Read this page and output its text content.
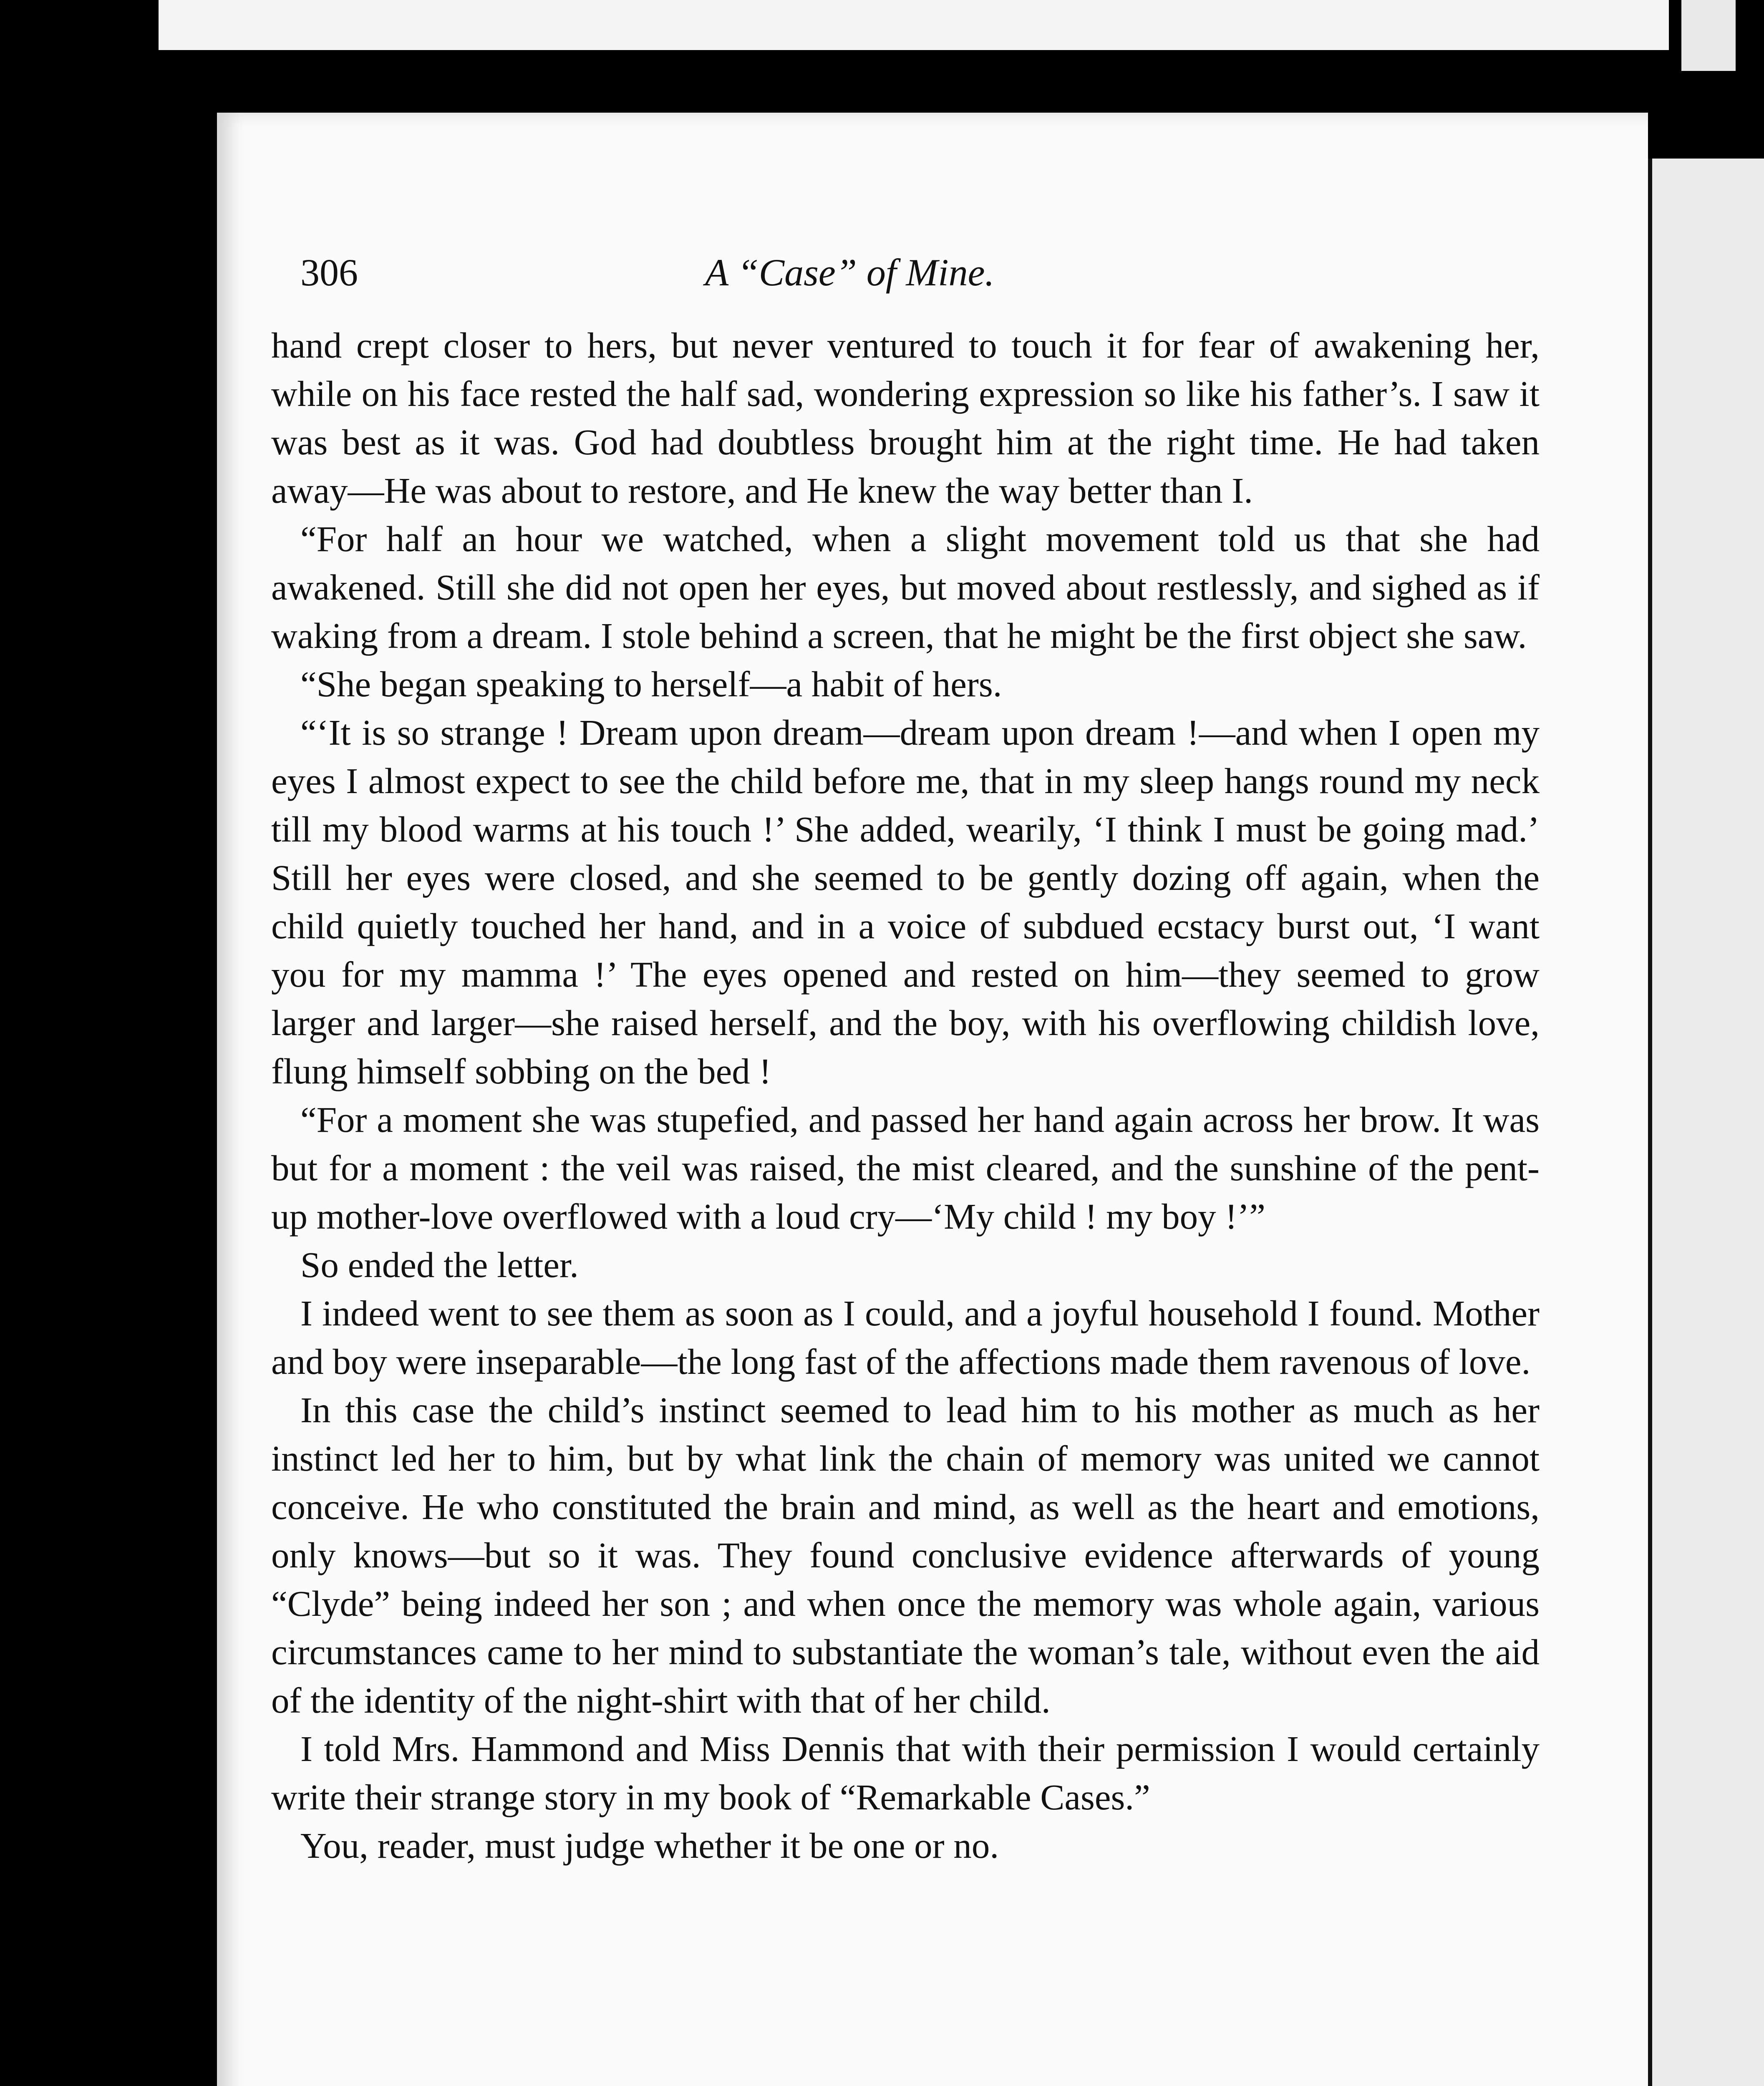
306	A “Case” of Mine.

hand crept closer to hers, but never ventured to touch it for fear of awakening her, while on his face rested the half sad, wondering expression so like his father’s. I saw it was best as it was. God had doubtless brought him at the right time. He had taken away—He was about to restore, and He knew the way better than I.

“For half an hour we watched, when a slight movement told us that she had awakened. Still she did not open her eyes, but moved about restlessly, and sighed as if waking from a dream. I stole behind a screen, that he might be the first object she saw.

“She began speaking to herself—a habit of hers.

“‘It is so strange ! Dream upon dream—dream upon dream !—and when I open my eyes I almost expect to see the child before me, that in my sleep hangs round my neck till my blood warms at his touch !’ She added, wearily, ‘I think I must be going mad.’ Still her eyes were closed, and she seemed to be gently dozing off again, when the child quietly touched her hand, and in a voice of subdued ecstacy burst out, ‘I want you for my mamma !’ The eyes opened and rested on him—they seemed to grow larger and larger—she raised herself, and the boy, with his overflowing childish love, flung himself sobbing on the bed !

“For a moment she was stupefied, and passed her hand again across her brow. It was but for a moment : the veil was raised, the mist cleared, and the sunshine of the pent-up mother-love overflowed with a loud cry—‘My child ! my boy !’”

So ended the letter.

I indeed went to see them as soon as I could, and a joyful household I found. Mother and boy were inseparable—the long fast of the affections made them ravenous of love.

In this case the child’s instinct seemed to lead him to his mother as much as her instinct led her to him, but by what link the chain of memory was united we cannot conceive. He who constituted the brain and mind, as well as the heart and emotions, only knows—but so it was. They found conclusive evidence afterwards of young “Clyde” being indeed her son ; and when once the memory was whole again, various circumstances came to her mind to substantiate the woman’s tale, without even the aid of the identity of the night-shirt with that of her child.

I told Mrs. Hammond and Miss Dennis that with their permission I would certainly write their strange story in my book of “Remarkable Cases.”

You, reader, must judge whether it be one or no.
